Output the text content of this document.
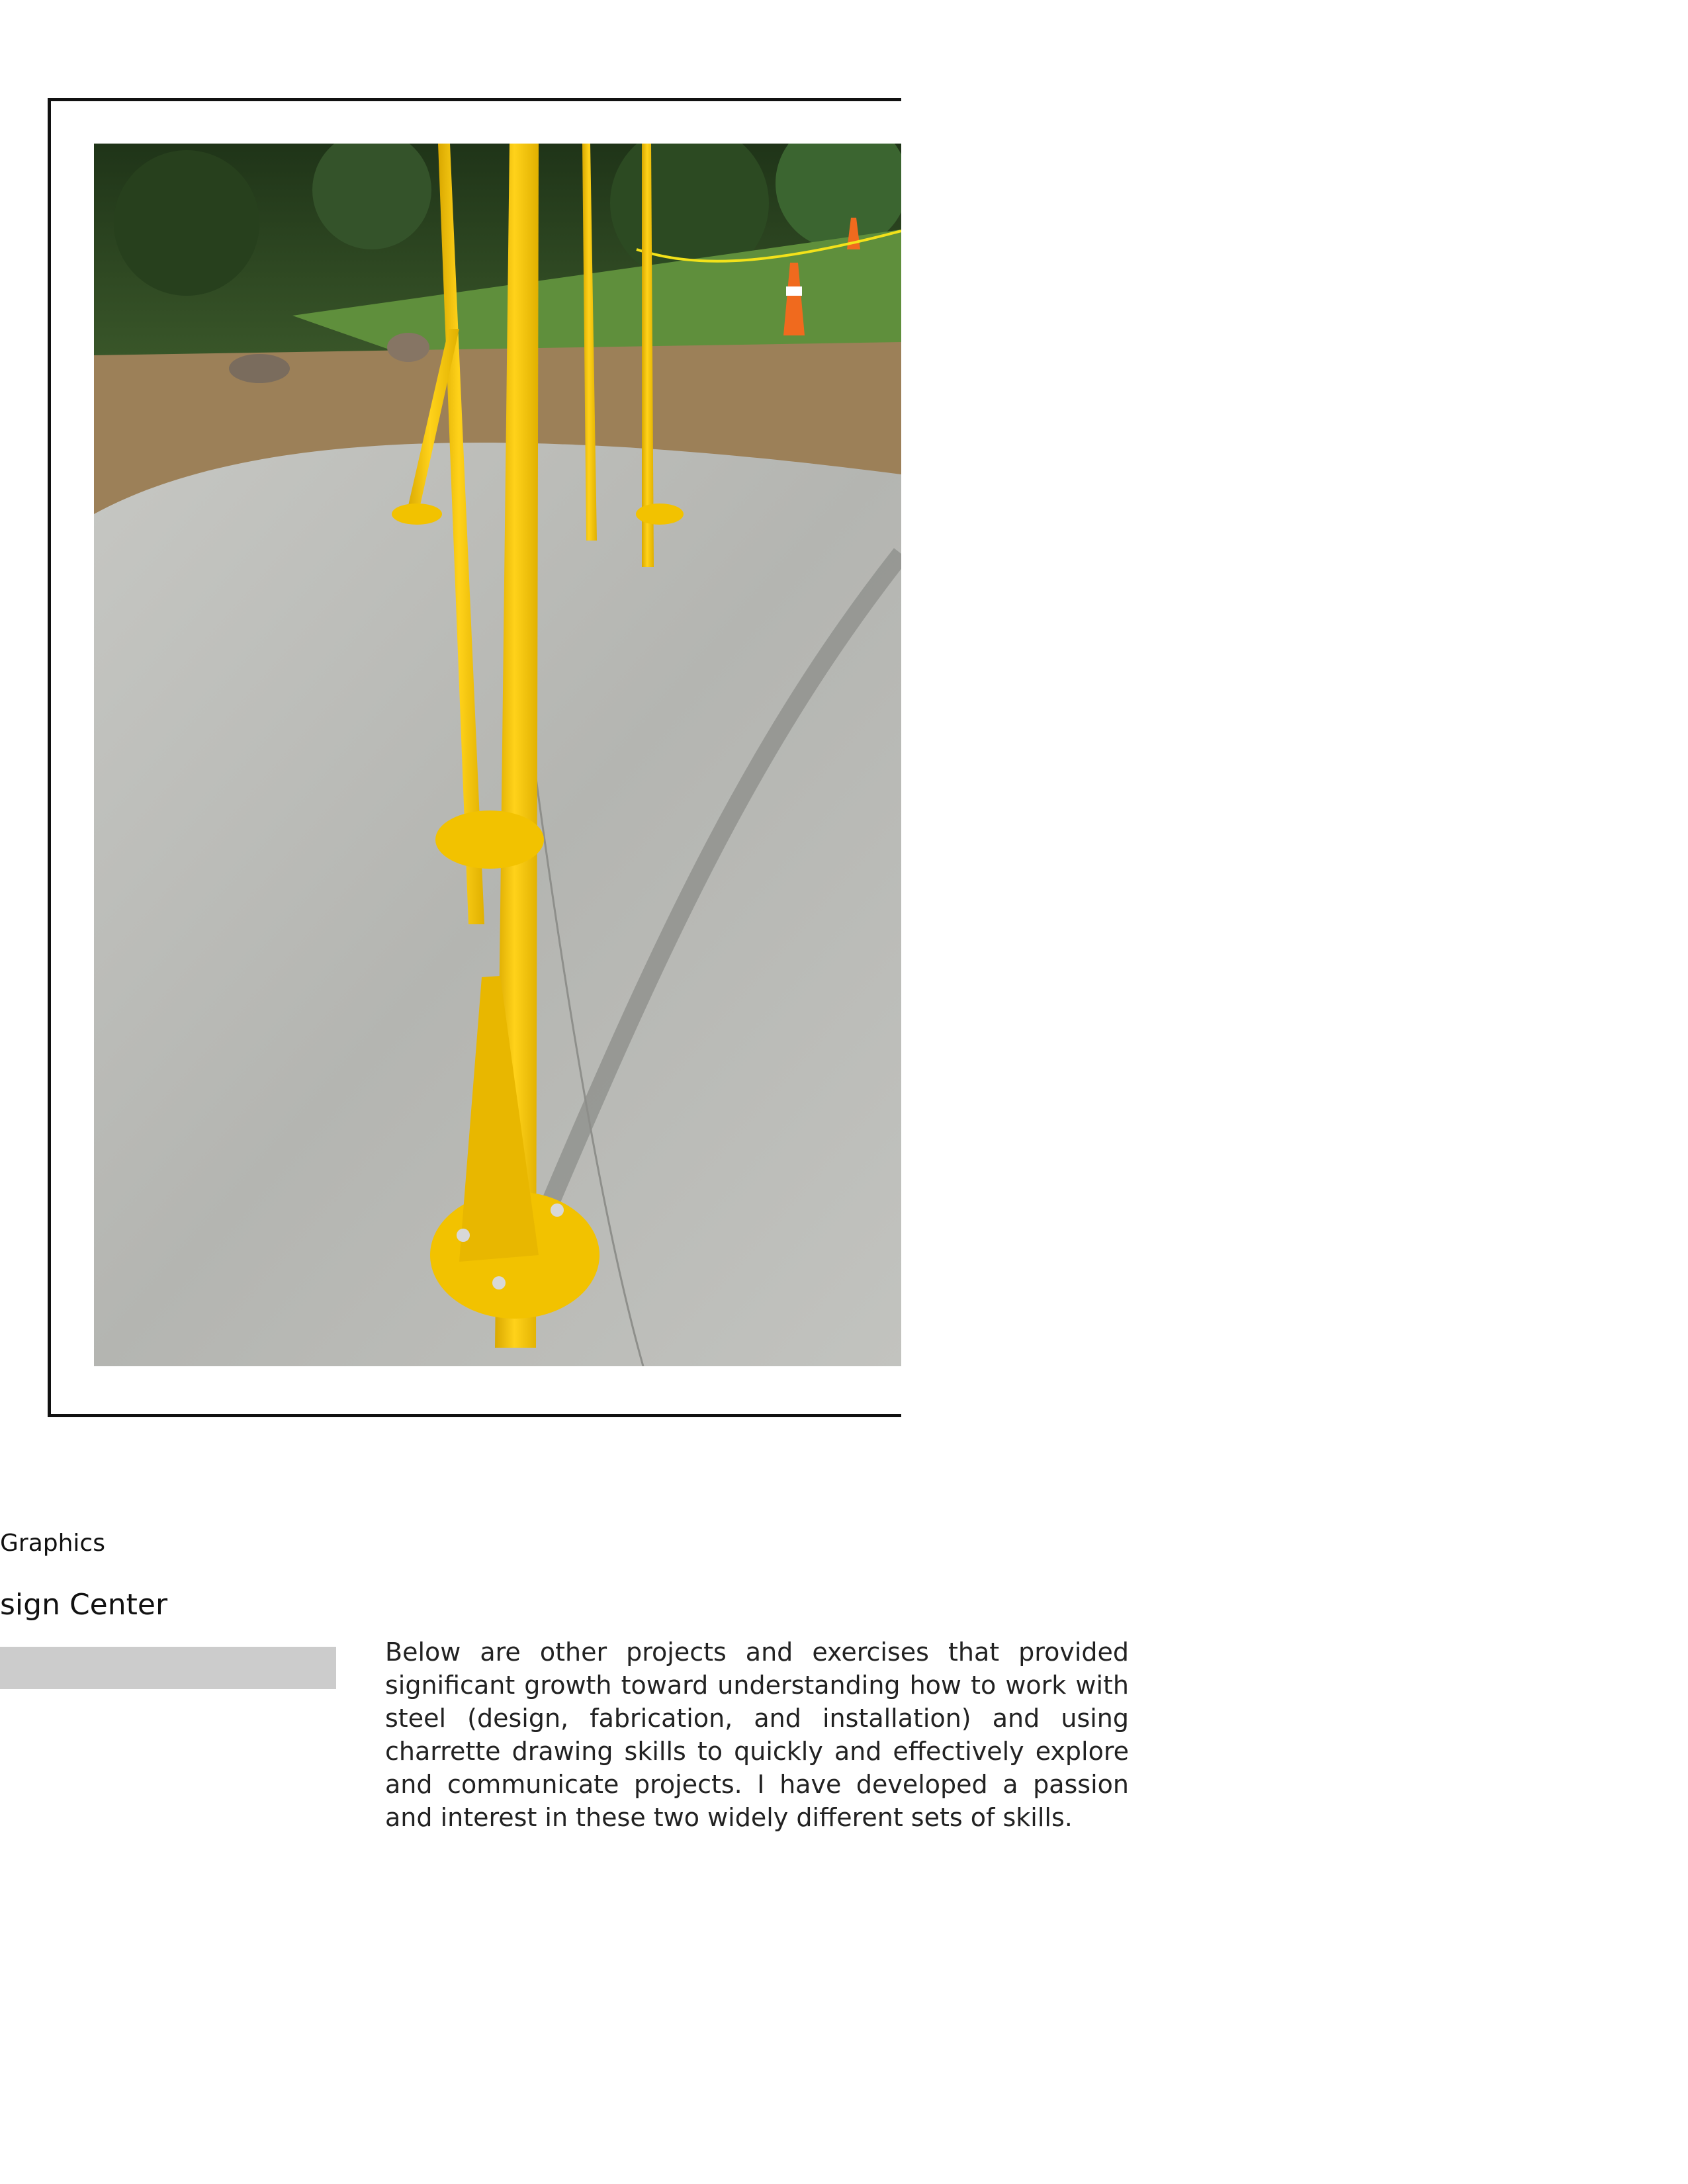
Graphics
sign Center

Below are other projects and exercises that provided significant growth toward understanding how to work with steel (design, fabrication, and installation) and using charrette drawing skills to quickly and effectively explore and communicate projects. I have developed a passion and interest in these two widely different sets of skills.
